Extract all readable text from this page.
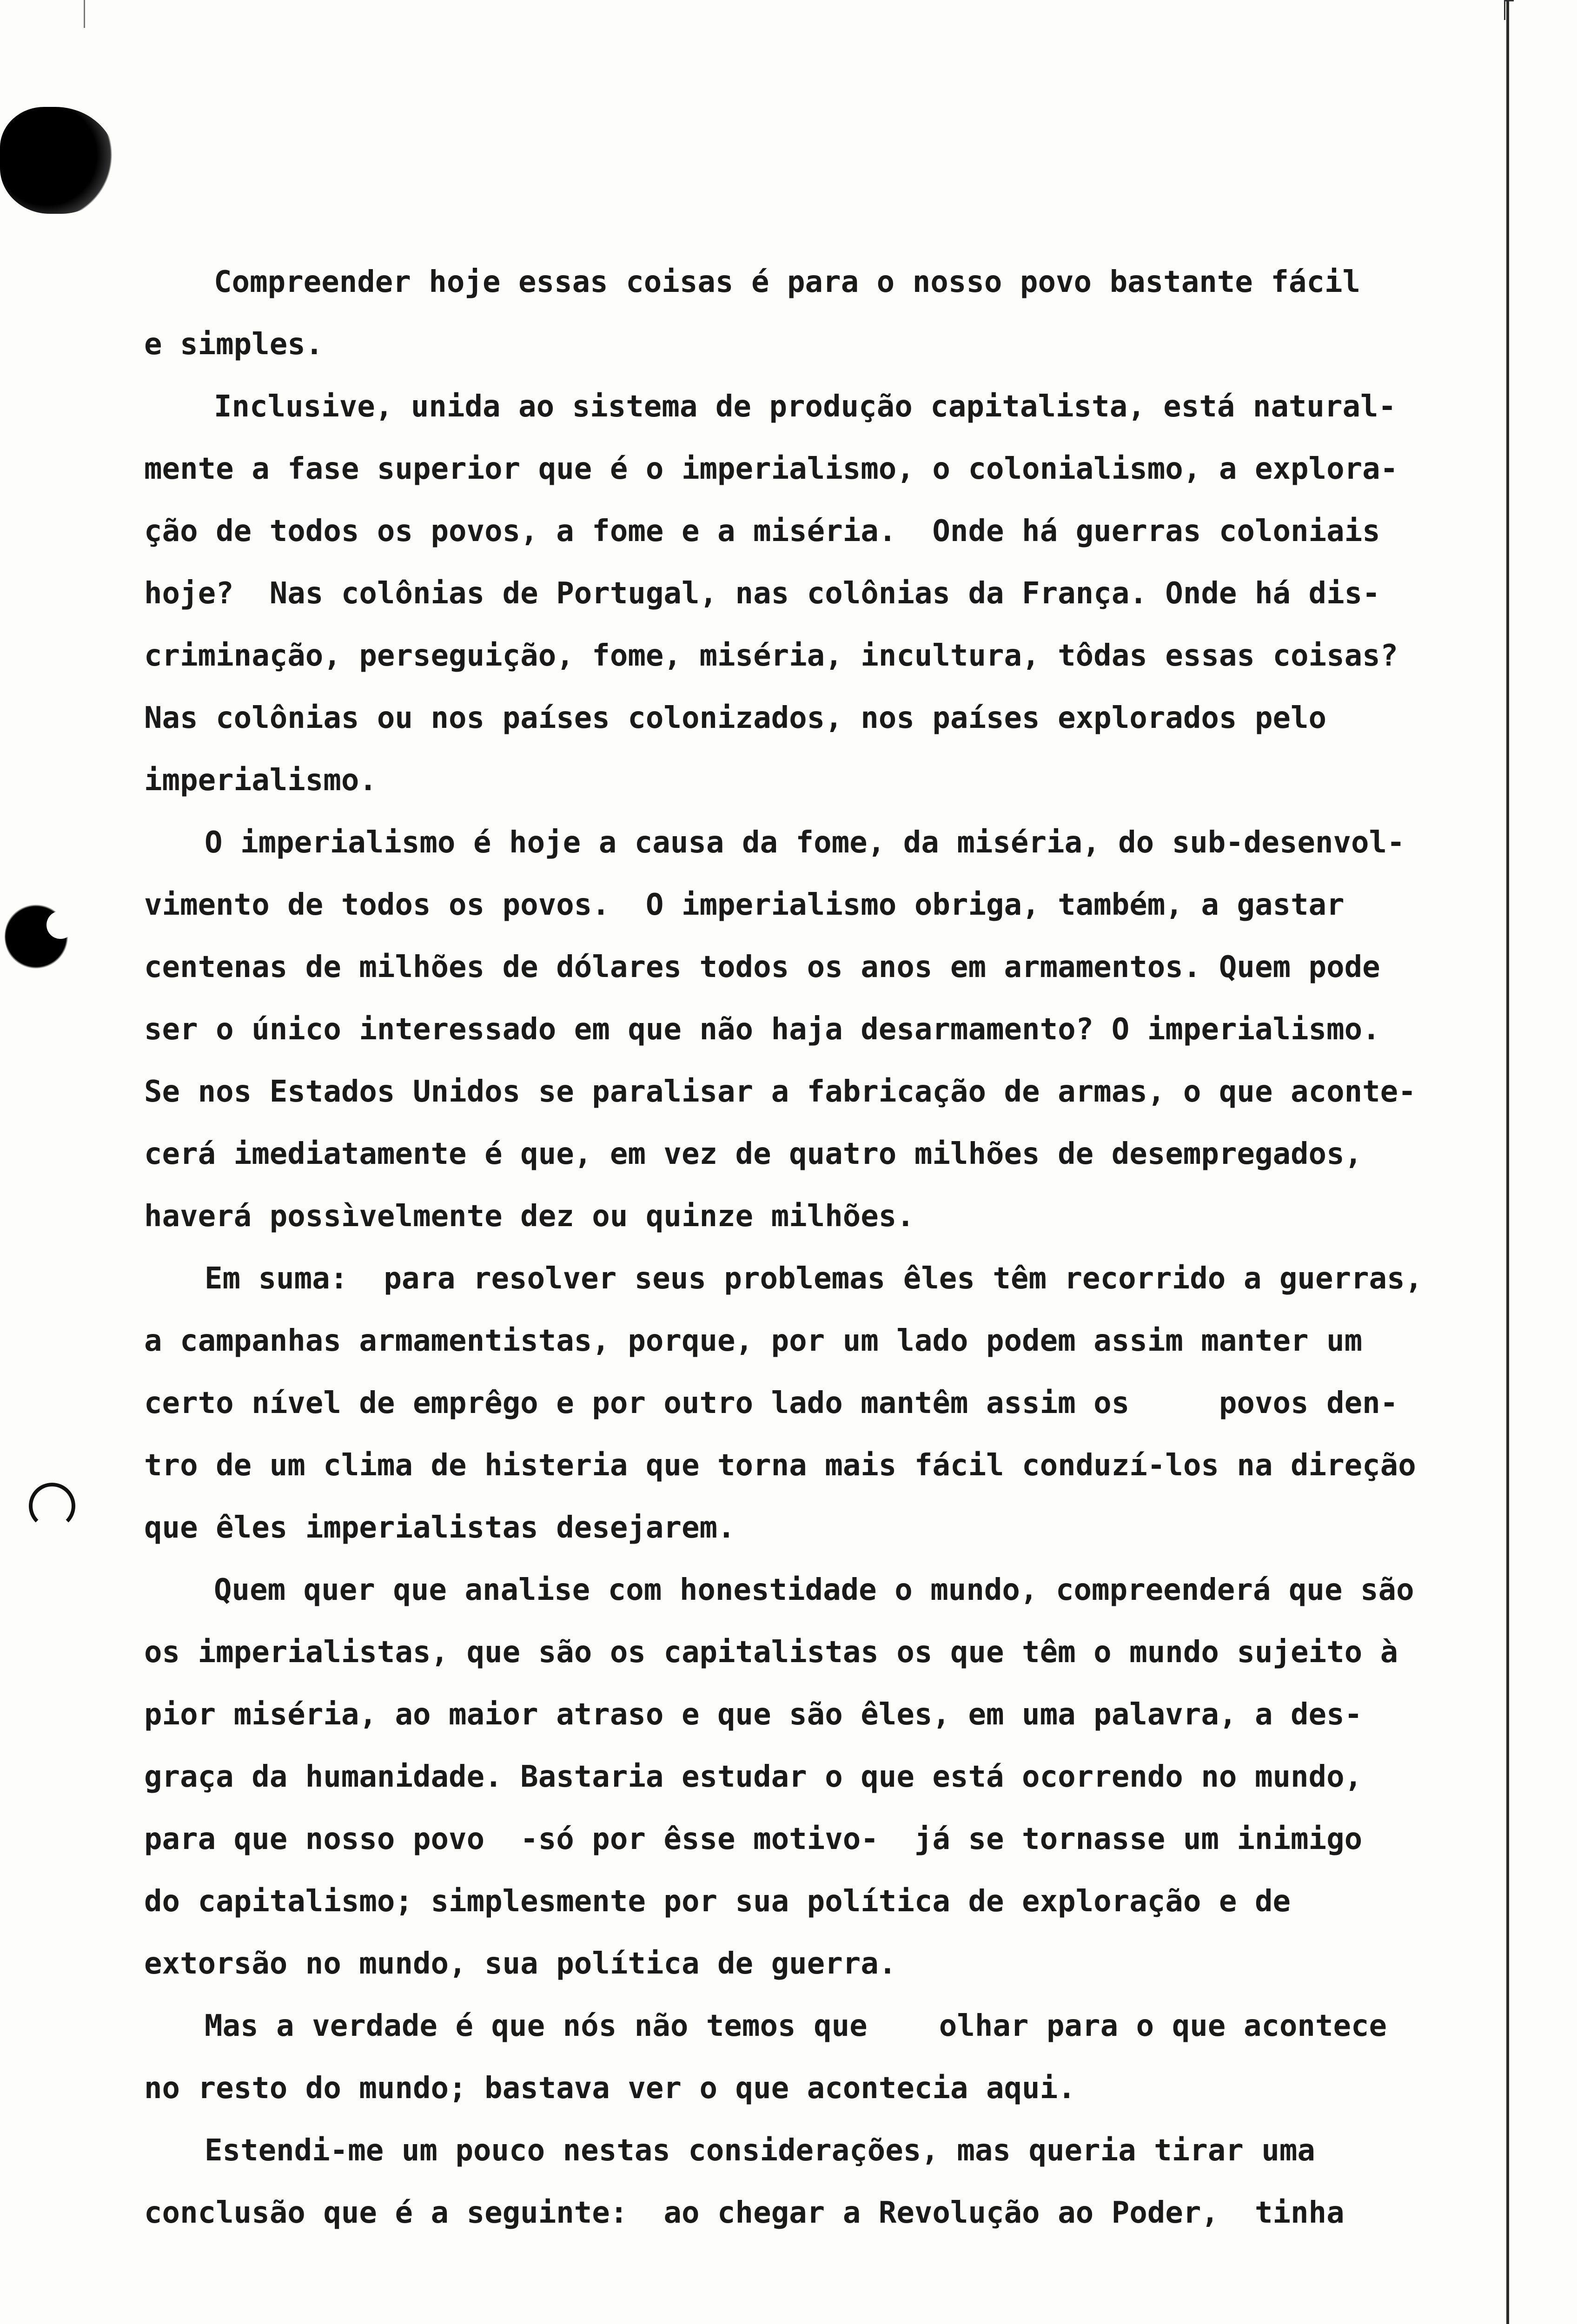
Compreender hoje essas coisas é para o nosso povo bastante fácil
e simples.
Inclusive, unida ao sistema de produção capitalista, está natural-
mente a fase superior que é o imperialismo, o colonialismo, a explora-
ção de todos os povos, a fome e a miséria.  Onde há guerras coloniais
hoje?  Nas colônias de Portugal, nas colônias da França. Onde há dis-
criminação, perseguição, fome, miséria, incultura, tôdas essas coisas?
Nas colônias ou nos países colonizados, nos países explorados pelo
imperialismo.
O imperialismo é hoje a causa da fome, da miséria, do sub-desenvol-
vimento de todos os povos.  O imperialismo obriga, também, a gastar
centenas de milhões de dólares todos os anos em armamentos. Quem pode
ser o único interessado em que não haja desarmamento? O imperialismo.
Se nos Estados Unidos se paralisar a fabricação de armas, o que aconte-
cerá imediatamente é que, em vez de quatro milhões de desempregados,
haverá possìvelmente dez ou quinze milhões.
Em suma:  para resolver seus problemas êles têm recorrido a guerras,
a campanhas armamentistas, porque, por um lado podem assim manter um
certo nível de emprêgo e por outro lado mantêm assim os     povos den-
tro de um clima de histeria que torna mais fácil conduzí-los na direção
que êles imperialistas desejarem.
Quem quer que analise com honestidade o mundo, compreenderá que são
os imperialistas, que são os capitalistas os que têm o mundo sujeito à
pior miséria, ao maior atraso e que são êles, em uma palavra, a des-
graça da humanidade. Bastaria estudar o que está ocorrendo no mundo,
para que nosso povo  -só por êsse motivo-  já se tornasse um inimigo
do capitalismo; simplesmente por sua política de exploração e de
extorsão no mundo, sua política de guerra.
Mas a verdade é que nós não temos que    olhar para o que acontece
no resto do mundo; bastava ver o que acontecia aqui.
Estendi-me um pouco nestas considerações, mas queria tirar uma
conclusão que é a seguinte:  ao chegar a Revolução ao Poder,  tinha
